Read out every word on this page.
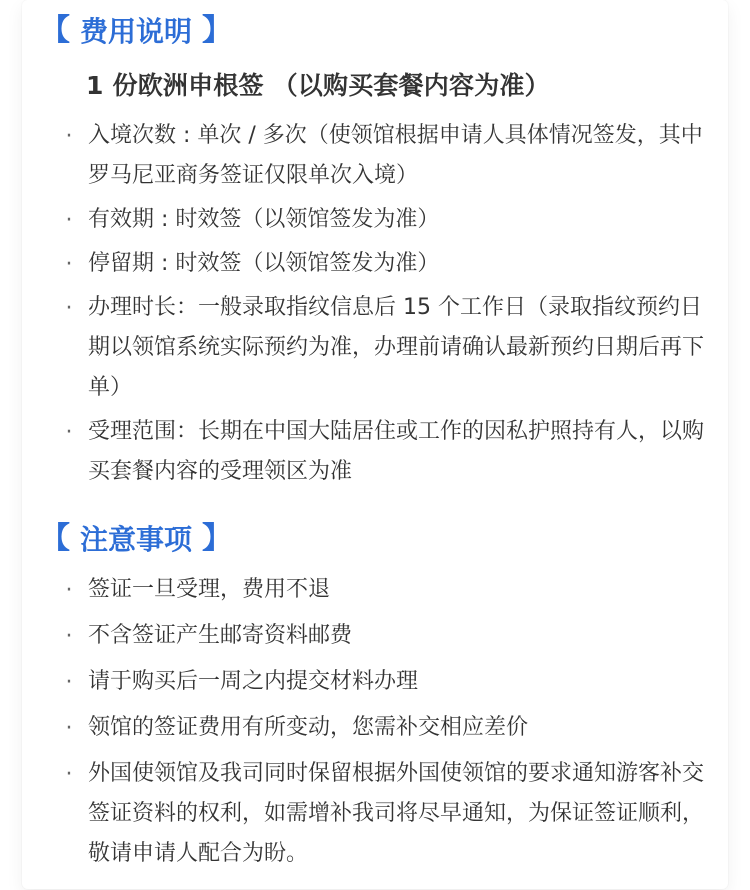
【 费用说明 】
1 份欧洲申根签 （以购买套餐内容为准）
· 入境次数 : 单次 / 多次（使领馆根据申请人具体情况签发，其中罗马尼亚商务签证仅限单次入境）
· 有效期 : 时效签（以领馆签发为准）
· 停留期 : 时效签（以领馆签发为准）
· 办理时长：一般录取指纹信息后 15 个工作日（录取指纹预约日期以领馆系统实际预约为准，办理前请确认最新预约日期后再下单）
· 受理范围：长期在中国大陆居住或工作的因私护照持有人，以购买套餐内容的受理领区为准
【 注意事项 】
· 签证一旦受理，费用不退
· 不含签证产生邮寄资料邮费
· 请于购买后一周之内提交材料办理
· 领馆的签证费用有所变动，您需补交相应差价
· 外国使领馆及我司同时保留根据外国使领馆的要求通知游客补交签证资料的权利，如需增补我司将尽早通知，为保证签证顺利，敬请申请人配合为盼。
